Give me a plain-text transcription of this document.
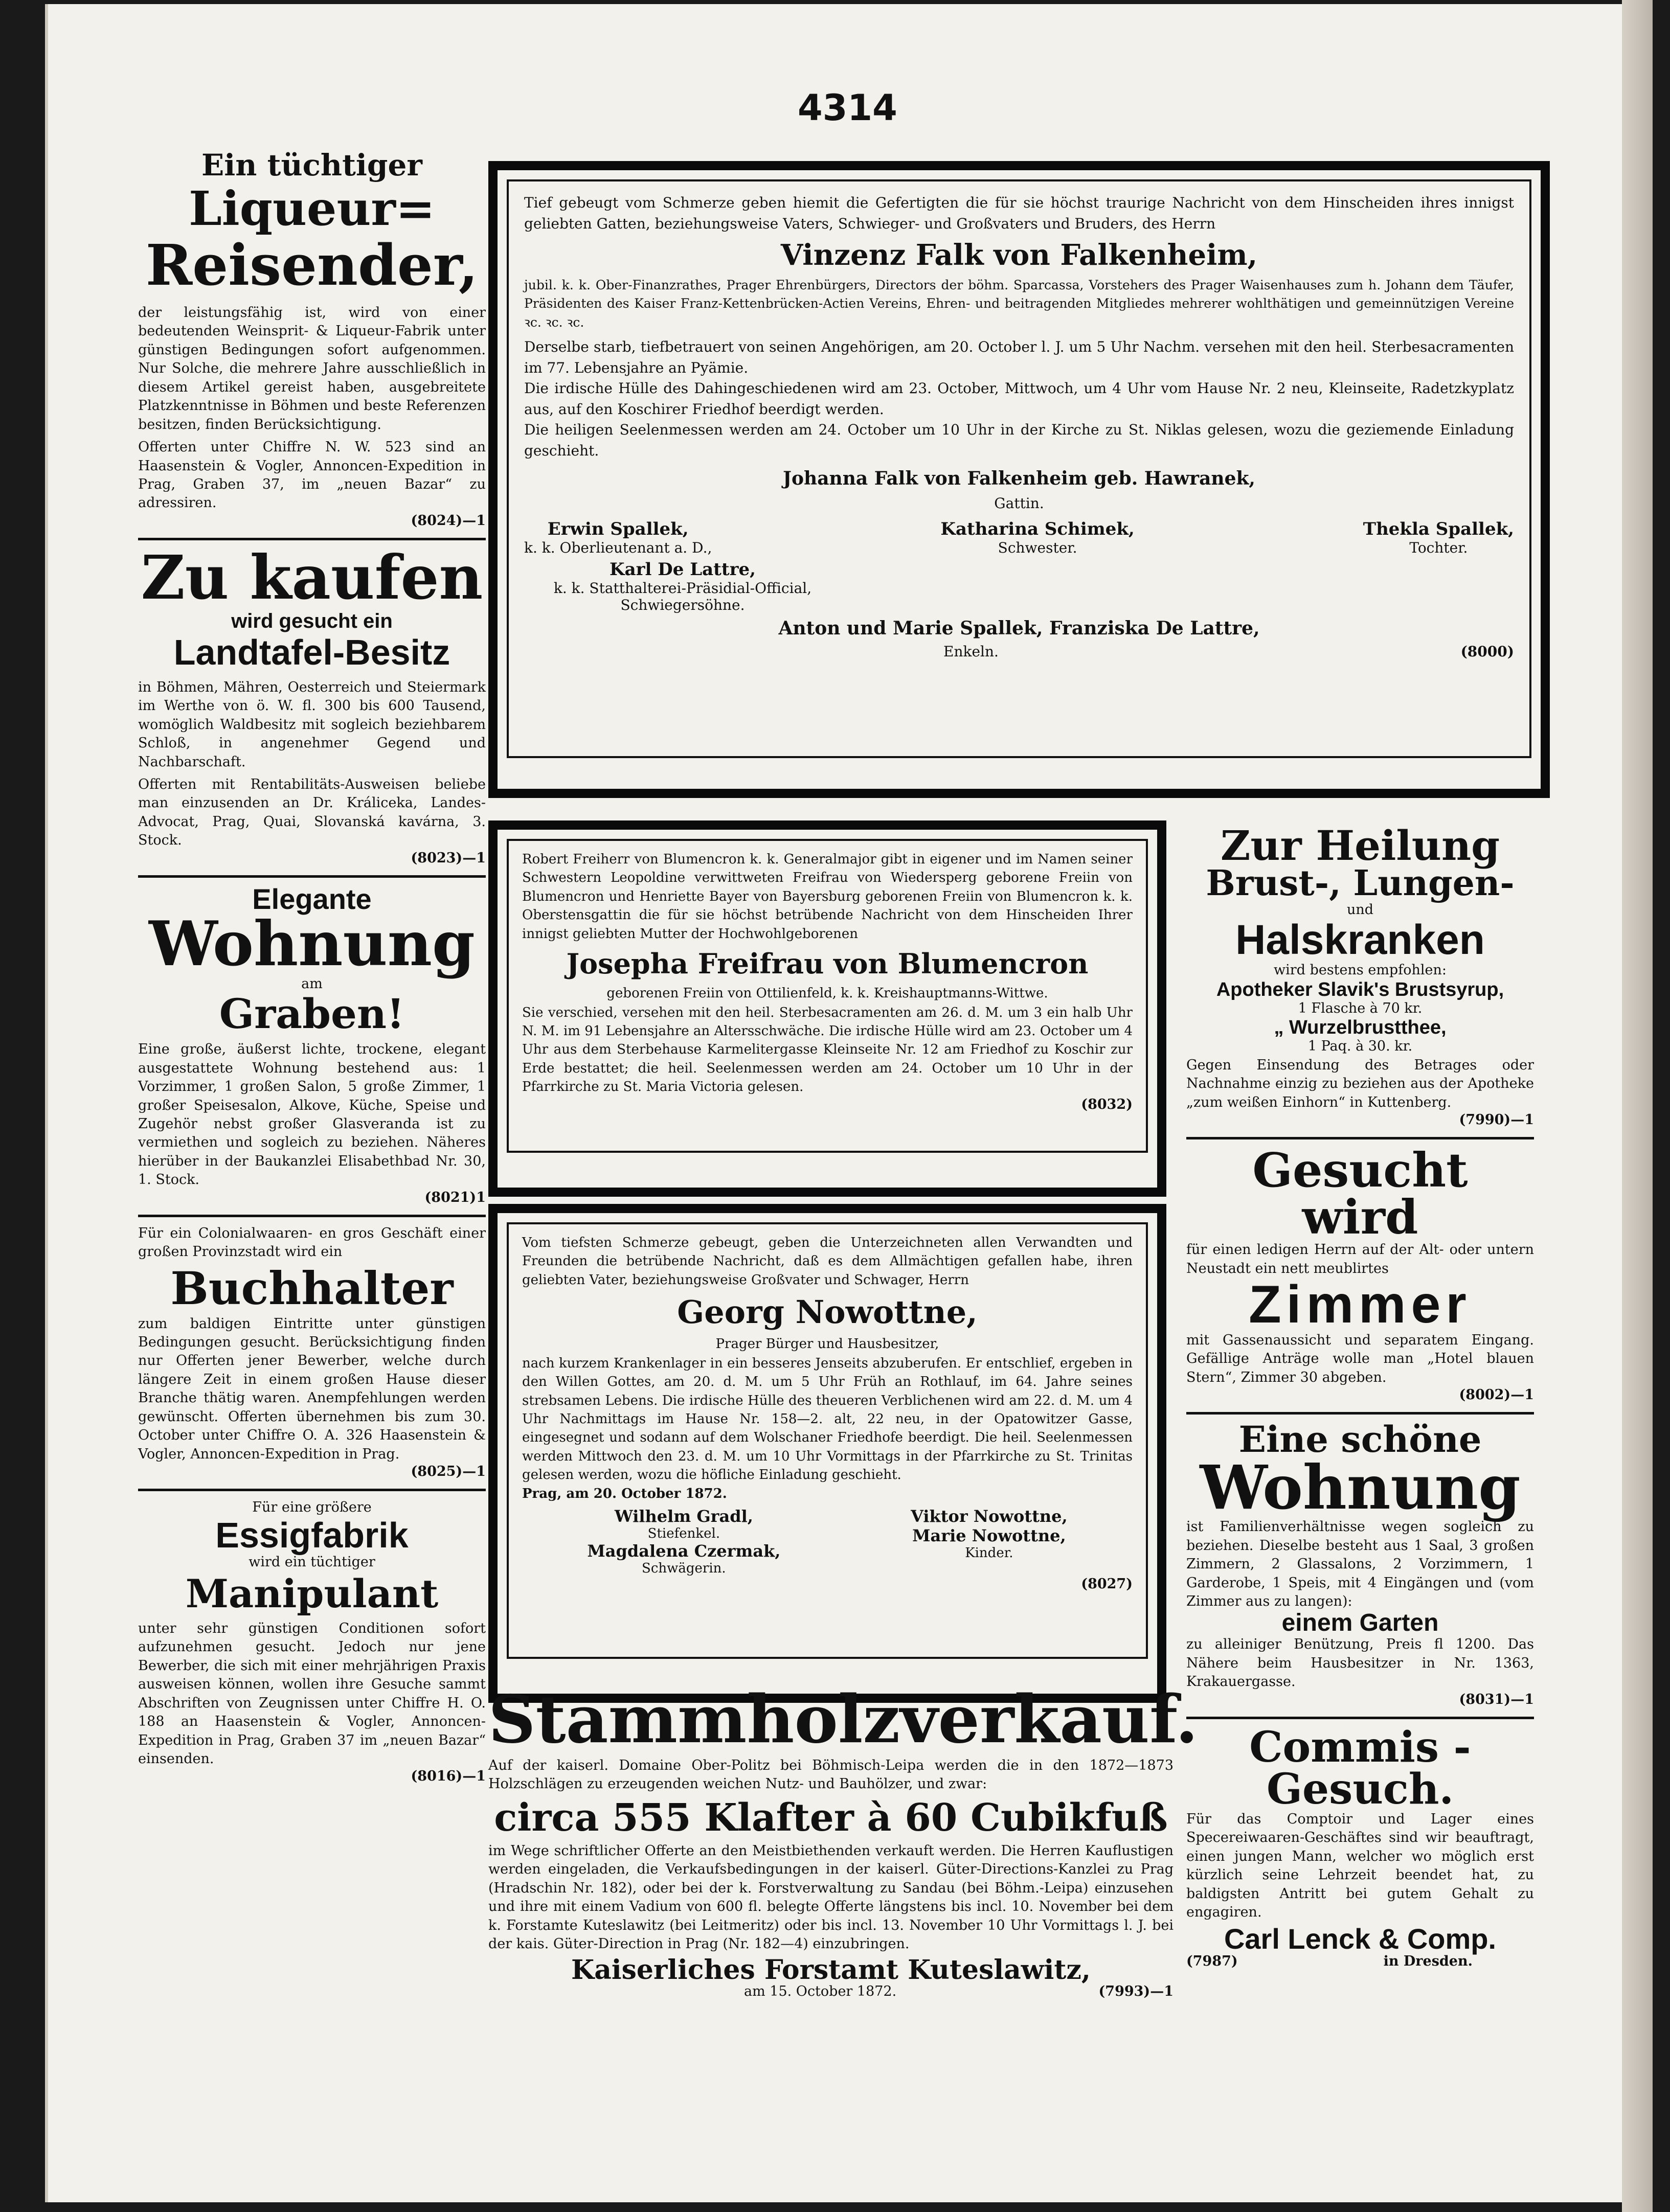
4314

Ein tüchtiger

Liqueur=

Reisender,

der leistungsfähig ist, wird von einer bedeutenden Weinsprit- & Liqueur-Fabrik unter günstigen Bedingungen sofort aufgenommen. Nur Solche, die mehrere Jahre ausschließlich in diesem Artikel gereist haben, ausgebreitete Platzkenntnisse in Böhmen und beste Referenzen besitzen, finden Berücksichtigung.

Offerten unter Chiffre N. W. 523 sind an Haasenstein & Vogler, Annoncen-Expedition in Prag, Graben 37, im „neuen Bazar“ zu adressiren.

(8024)—1

Zu kaufen

wird gesucht ein

Landtafel-Besitz

in Böhmen, Mähren, Oesterreich und Steiermark im Werthe von ö. W. fl. 300 bis 600 Tausend, womöglich Waldbesitz mit sogleich beziehbarem Schloß, in angenehmer Gegend und Nachbarschaft.

Offerten mit Rentabilitäts-Ausweisen beliebe man einzusenden an Dr. Králiceka, Landes-Advocat, Prag, Quai, Slovanská kavárna, 3. Stock.

(8023)—1

Elegante

Wohnung

am

Graben!

Eine große, äußerst lichte, trockene, elegant ausgestattete Wohnung bestehend aus: 1 Vorzimmer, 1 großen Salon, 5 große Zimmer, 1 großer Speisesalon, Alkove, Küche, Speise und Zugehör nebst großer Glasveranda ist zu vermiethen und sogleich zu beziehen. Näheres hierüber in der Baukanzlei Elisabethbad Nr. 30, 1. Stock.

(8021)1

Für ein Colonialwaaren- en gros Geschäft einer großen Provinzstadt wird ein

Buchhalter

zum baldigen Eintritte unter günstigen Bedingungen gesucht. Berücksichtigung finden nur Offerten jener Bewerber, welche durch längere Zeit in einem großen Hause dieser Branche thätig waren. Anempfehlungen werden gewünscht. Offerten übernehmen bis zum 30. October unter Chiffre O. A. 326 Haasenstein & Vogler, Annoncen-Expedition in Prag.

(8025)—1

Für eine größere

Essigfabrik

wird ein tüchtiger

Manipulant

unter sehr günstigen Conditionen sofort aufzunehmen gesucht. Jedoch nur jene Bewerber, die sich mit einer mehrjährigen Praxis ausweisen können, wollen ihre Gesuche sammt Abschriften von Zeugnissen unter Chiffre H. O. 188 an Haasenstein & Vogler, Annoncen-Expedition in Prag, Graben 37 im „neuen Bazar“ einsenden.

(8016)—1

Tief gebeugt vom Schmerze geben hiemit die Gefertigten die für sie höchst traurige Nachricht von dem Hinscheiden ihres innigst geliebten Gatten, beziehungsweise Vaters, Schwieger- und Großvaters und Bruders, des Herrn

Vinzenz Falk von Falkenheim,

jubil. k. k. Ober-Finanzrathes, Prager Ehrenbürgers, Directors der böhm. Sparcassa, Vorstehers des Prager Waisenhauses zum h. Johann dem Täufer, Präsidenten des Kaiser Franz-Kettenbrücken-Actien Vereins, Ehren- und beitragenden Mitgliedes mehrerer wohlthätigen und gemeinnützigen Vereine ꝛc. ꝛc. ꝛc.

Derselbe starb, tiefbetrauert von seinen Angehörigen, am 20. October l. J. um 5 Uhr Nachm. versehen mit den heil. Sterbesacramenten im 77. Lebensjahre an Pyämie.

Die irdische Hülle des Dahingeschiedenen wird am 23. October, Mittwoch, um 4 Uhr vom Hause Nr. 2 neu, Kleinseite, Radetzkyplatz aus, auf den Koschirer Friedhof beerdigt werden.

Die heiligen Seelenmessen werden am 24. October um 10 Uhr in der Kirche zu St. Niklas gelesen, wozu die geziemende Einladung geschieht.

Johanna Falk von Falkenheim geb. Hawranek,

Gattin.

Erwin Spallek,
k. k. Oberlieutenant a. D.,
Katharina Schimek,
Schwester.
Thekla Spallek,
Tochter.
Karl De Lattre,
k. k. Statthalterei-Präsidial-Official,
Schwiegersöhne.

Anton und Marie Spallek, Franziska De Lattre,

Enkeln.	(8000)

Robert Freiherr von Blumencron k. k. Generalmajor gibt in eigener und im Namen seiner Schwestern Leopoldine verwittweten Freifrau von Wiedersperg geborene Freiin von Blumencron und Henriette Bayer von Bayersburg geborenen Freiin von Blumencron k. k. Oberstensgattin die für sie höchst betrübende Nachricht von dem Hinscheiden Ihrer innigst geliebten Mutter der Hochwohlgeborenen

Josepha Freifrau von Blumencron

geborenen Freiin von Ottilienfeld, k. k. Kreishauptmanns-Wittwe.

Sie verschied, versehen mit den heil. Sterbesacramenten am 26. d. M. um 3 ein halb Uhr N. M. im 91 Lebensjahre an Altersschwäche. Die irdische Hülle wird am 23. October um 4 Uhr aus dem Sterbehause Karmelitergasse Kleinseite Nr. 12 am Friedhof zu Koschir zur Erde bestattet; die heil. Seelenmessen werden am 24. October um 10 Uhr in der Pfarrkirche zu St. Maria Victoria gelesen.

(8032)

Vom tiefsten Schmerze gebeugt, geben die Unterzeichneten allen Verwandten und Freunden die betrübende Nachricht, daß es dem Allmächtigen gefallen habe, ihren geliebten Vater, beziehungsweise Großvater und Schwager, Herrn

Georg Nowottne,

Prager Bürger und Hausbesitzer,

nach kurzem Krankenlager in ein besseres Jenseits abzuberufen. Er entschlief, ergeben in den Willen Gottes, am 20. d. M. um 5 Uhr Früh an Rothlauf, im 64. Jahre seines strebsamen Lebens. Die irdische Hülle des theueren Verblichenen wird am 22. d. M. um 4 Uhr Nachmittags im Hause Nr. 158—2. alt, 22 neu, in der Opatowitzer Gasse, eingesegnet und sodann auf dem Wolschaner Friedhofe beerdigt. Die heil. Seelenmessen werden Mittwoch den 23. d. M. um 10 Uhr Vormittags in der Pfarrkirche zu St. Trinitas gelesen werden, wozu die höfliche Einladung geschieht.

Prag, am 20. October 1872.

Wilhelm Gradl,
Stiefenkel.
Magdalena Czermak,
Schwägerin.
Viktor Nowottne,
Marie Nowottne,
Kinder.

(8027)

Stammholzverkauf.

Auf der kaiserl. Domaine Ober-Politz bei Böhmisch-Leipa werden die in den 1872—1873 Holzschlägen zu erzeugenden weichen Nutz- und Bauhölzer, und zwar:

circa 555 Klafter à 60 Cubikfuß

im Wege schriftlicher Offerte an den Meistbiethenden verkauft werden. Die Herren Kauflustigen werden eingeladen, die Verkaufsbedingungen in der kaiserl. Güter-Directions-Kanzlei zu Prag (Hradschin Nr. 182), oder bei der k. Forstverwaltung zu Sandau (bei Böhm.-Leipa) einzusehen und ihre mit einem Vadium von 600 fl. belegte Offerte längstens bis incl. 10. November bei dem k. Forstamte Kuteslawitz (bei Leitmeritz) oder bis incl. 13. November 10 Uhr Vormittags l. J. bei der kais. Güter-Direction in Prag (Nr. 182—4) einzubringen.

Kaiserliches Forstamt Kuteslawitz,

am 15. October 1872.	(7993)—1

Zur Heilung

Brust-, Lungen-

und

Halskranken

wird bestens empfohlen:

Apotheker Slavik's Brustsyrup,

1 Flasche à 70 kr.

„ Wurzelbrustthee,

1 Paq. à 30. kr.

Gegen Einsendung des Betrages oder Nachnahme einzig zu beziehen aus der Apotheke „zum weißen Einhorn“ in Kuttenberg.

(7990)—1

Gesucht wird

für einen ledigen Herrn auf der Alt- oder untern Neustadt ein nett meublirtes

Zimmer

mit Gassenaussicht und separatem Eingang. Gefällige Anträge wolle man „Hotel blauen Stern“, Zimmer 30 abgeben.

(8002)—1

Eine schöne

Wohnung

ist Familienverhältnisse wegen sogleich zu beziehen. Dieselbe besteht aus 1 Saal, 3 großen Zimmern, 2 Glassalons, 2 Vorzimmern, 1 Garderobe, 1 Speis, mit 4 Eingängen und (vom Zimmer aus zu langen):

einem Garten

zu alleiniger Benützung, Preis fl 1200. Das Nähere beim Hausbesitzer in Nr. 1363, Krakauergasse.

(8031)—1

Commis - Gesuch.

Für das Comptoir und Lager eines Specereiwaaren-Geschäftes sind wir beauftragt, einen jungen Mann, welcher wo möglich erst kürzlich seine Lehrzeit beendet hat, zu baldigsten Antritt bei gutem Gehalt zu engagiren.

Carl Lenck & Comp.

(7987)	in Dresden.
